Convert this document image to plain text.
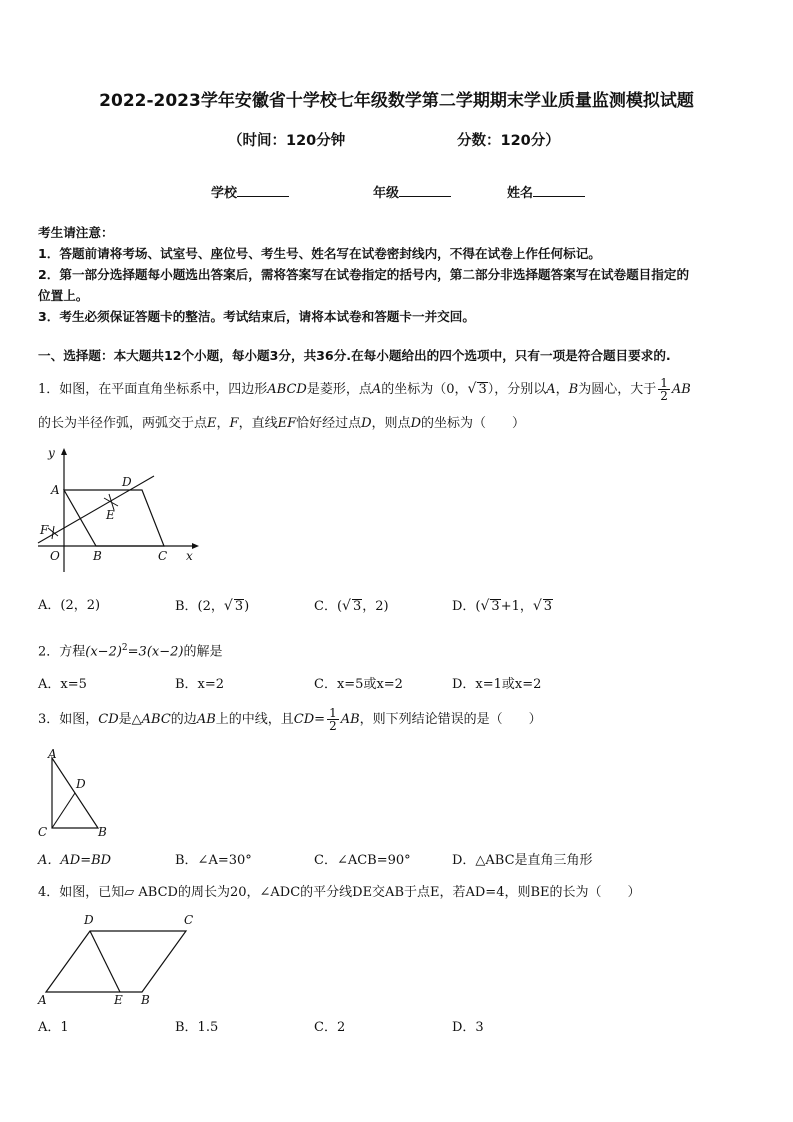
2022-2023学年安徽省十学校七年级数学第二学期期末学业质量监测模拟试题
（时间：120分钟	分数：120分）
学校	年级	姓名
考生请注意：
1．答题前请将考场、试室号、座位号、考生号、姓名写在试卷密封线内，不得在试卷上作任何标记。
2．第一部分选择题每小题选出答案后，需将答案写在试卷指定的括号内，第二部分非选择题答案写在试卷题目指定的
位置上。
3．考生必须保证答题卡的整洁。考试结束后，请将本试卷和答题卡一并交回。
一、选择题：本大题共12个小题，每小题3分，共36分.在每小题给出的四个选项中，只有一项是符合题目要求的.
1．如图，在平面直角坐标系中，四边形ABCD是菱形，点A的坐标为（0，√ 3），分别以A，B为圆心，大于 $\frac{1}{2}$ AB
的长为半径作弧，两弧交于点E，F，直线EF恰好经过点D，则点D的坐标为（　　）
y
x
O
A
B	C
D
E
F
A．(2，2)	B．(2，√ 3)	C．(√ 3，2)	D．(√ 3+1，√ 3
2．方程$(x-2)^2=3(x-2)$的解是
A．x=5	B．x=2	C．x=5或x=2	D．x=1或x=2
3．如图，CD是△ABC的边AB上的中线，且$CD= \frac{1}{2}$ AB，则下列结论错误的是（　　）
A
C	B
D
A．AD=BD	B．∠A=30°	C．∠ACB=90°	D．△ABC是直角三角形
4．如图，已知▱ ABCD的周长为20，∠ADC的平分线DE交AB于点E，若AD=4，则BE的长为（　　）
D	C
A	E B
A．1	B．1.5	C．2	D．3
